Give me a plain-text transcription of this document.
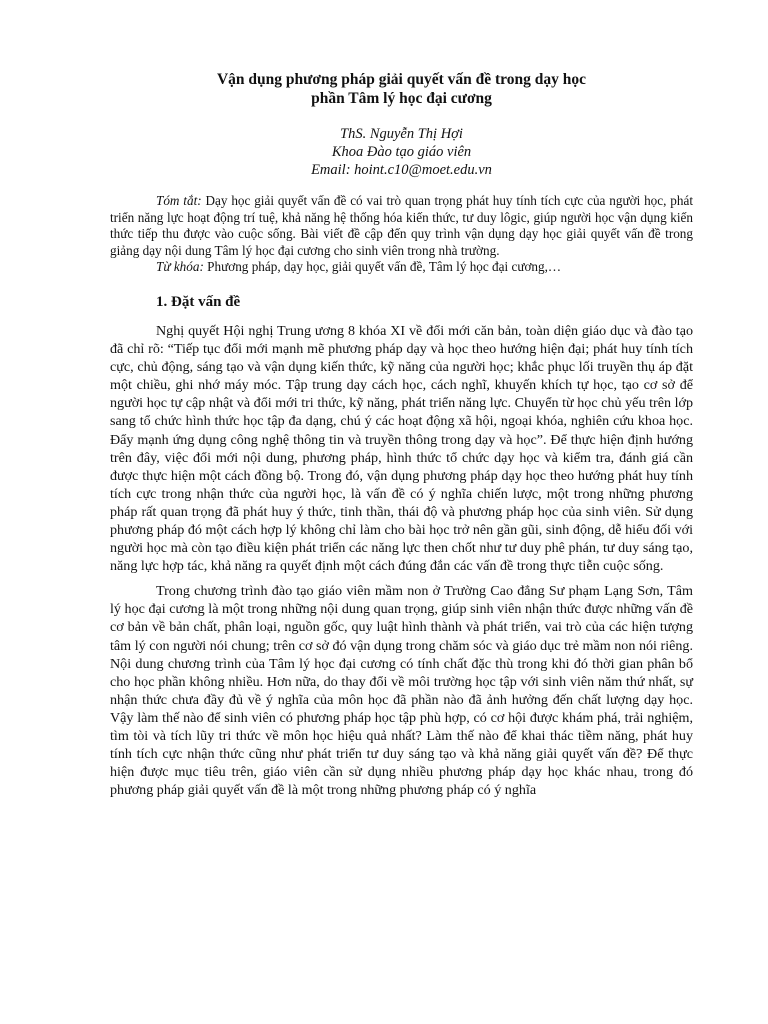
Vận dụng phương pháp giải quyết vấn đề trong dạy học

phần Tâm lý học đại cương

ThS. Nguyễn Thị Hợi
Khoa Đào tạo giáo viên
Email: hoint.c10@moet.edu.vn

Tóm tắt: Dạy học giải quyết vấn đề có vai trò quan trọng phát huy tính tích cực của người học, phát triển năng lực hoạt động trí tuệ, khả năng hệ thống hóa kiến thức, tư duy lôgic, giúp người học vận dụng kiến thức tiếp thu được vào cuộc sống. Bài viết đề cập đến quy trình vận dụng dạy học giải quyết vấn đề trong giảng dạy nội dung Tâm lý học đại cương cho sinh viên trong nhà trường.

Từ khóa: Phương pháp, dạy học, giải quyết vấn đề, Tâm lý học đại cương,…

1. Đặt vấn đề

Nghị quyết Hội nghị Trung ương 8 khóa XI về đổi mới căn bản, toàn diện giáo dục và đào tạo đã chỉ rõ: “Tiếp tục đổi mới mạnh mẽ phương pháp dạy và học theo hướng hiện đại; phát huy tính tích cực, chủ động, sáng tạo và vận dụng kiến thức, kỹ năng của người học; khắc phục lối truyền thụ áp đặt một chiều, ghi nhớ máy móc. Tập trung dạy cách học, cách nghĩ, khuyến khích tự học, tạo cơ sở để người học tự cập nhật và đổi mới tri thức, kỹ năng, phát triển năng lực. Chuyển từ học chủ yếu trên lớp sang tổ chức hình thức học tập đa dạng, chú ý các hoạt động xã hội, ngoại khóa, nghiên cứu khoa học. Đẩy mạnh ứng dụng công nghệ thông tin và truyền thông trong dạy và học”. Để thực hiện định hướng trên đây, việc đổi mới nội dung, phương pháp, hình thức tổ chức dạy học và kiểm tra, đánh giá cần được thực hiện một cách đồng bộ. Trong đó, vận dụng phương pháp dạy học theo hướng phát huy tính tích cực trong nhận thức của người học, là vấn đề có ý nghĩa chiến lược, một trong những phương pháp rất quan trọng đã phát huy ý thức, tinh thần, thái độ và phương pháp học của sinh viên. Sử dụng phương pháp đó một cách hợp lý không chỉ làm cho bài học trở nên gần gũi, sinh động, dễ hiểu đối với người học mà còn tạo điều kiện phát triển các năng lực then chốt như tư duy phê phán, tư duy sáng tạo, năng lực hợp tác, khả năng ra quyết định một cách đúng đắn các vấn đề trong thực tiễn cuộc sống.

Trong chương trình đào tạo giáo viên mầm non ở Trường Cao đẳng Sư phạm Lạng Sơn, Tâm lý học đại cương là một trong những nội dung quan trọng, giúp sinh viên nhận thức được những vấn đề cơ bản về bản chất, phân loại, nguồn gốc, quy luật hình thành và phát triển, vai trò của các hiện tượng tâm lý con người nói chung; trên cơ sở đó vận dụng trong chăm sóc và giáo dục trẻ mầm non nói riêng. Nội dung chương trình của Tâm lý học đại cương có tính chất đặc thù trong khi đó thời gian phân bổ cho học phần không nhiều. Hơn nữa, do thay đổi về môi trường học tập với sinh viên năm thứ nhất, sự nhận thức chưa đầy đủ về ý nghĩa của môn học đã phần nào đã ảnh hưởng đến chất lượng dạy học. Vậy làm thế nào để sinh viên có phương pháp học tập phù hợp, có cơ hội được khám phá, trải nghiệm, tìm tòi và tích lũy tri thức về môn học hiệu quả nhất? Làm thế nào để khai thác tiềm năng, phát huy tính tích cực nhận thức cũng như phát triển tư duy sáng tạo và khả năng giải quyết vấn đề? Để thực hiện được mục tiêu trên, giáo viên cần sử dụng nhiều phương pháp dạy học khác nhau, trong đó phương pháp giải quyết vấn đề là một trong những phương pháp có ý nghĩa
